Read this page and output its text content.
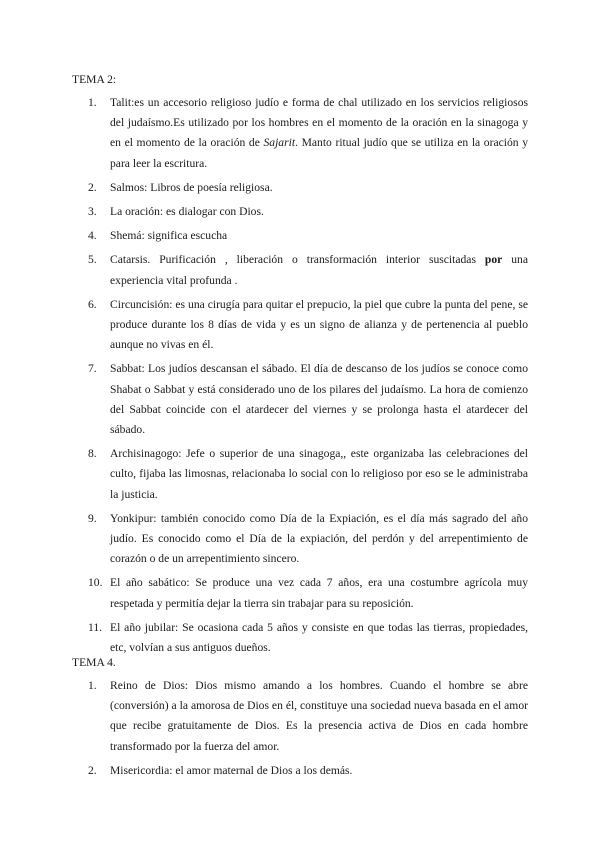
TEMA 2:
1. Talit:es un accesorio religioso judío e forma de chal utilizado en los servicios religiosos del judaísmo.Es utilizado por los hombres en el momento de la oración en la sinagoga y en el momento de la oración de Sajarit. Manto ritual judío que se utiliza en la oración y para leer la escritura.
2. Salmos: Libros de poesía religiosa.
3. La oración: es dialogar con Dios.
4. Shemá: significa escucha
5. Catarsis. Purificación , liberación o transformación interior suscitadas por una experiencia vital profunda .
6. Circuncisión: es una cirugía para quitar el prepucio, la piel que cubre la punta del pene, se produce durante los 8 días de vida y es un signo de alianza y de pertenencia al pueblo aunque no vivas en él.
7. Sabbat: Los judíos descansan el sábado. El día de descanso de los judíos se conoce como Shabat o Sabbat y está considerado uno de los pilares del judaísmo. La hora de comienzo del Sabbat coincide con el atardecer del viernes y se prolonga hasta el atardecer del sábado.
8. Archisinagogo: Jefe o superior de una sinagoga,, este organizaba las celebraciones del culto, fijaba las limosnas, relacionaba lo social con lo religioso por eso se le administraba la justicia.
9. Yonkipur: también conocido como Día de la Expiación, es el día más sagrado del año judío. Es conocido como el Día de la expiación, del perdón y del arrepentimiento de corazón o de un arrepentimiento sincero.
10. El año sabático: Se produce una vez cada 7 años, era una costumbre agrícola muy respetada y permitía dejar la tierra sin trabajar para su reposición.
11. El año jubilar: Se ocasiona cada 5 años y consiste en que todas las tierras, propiedades, etc, volvían a sus antiguos dueños.
TEMA 4.
1. Reino de Dios: Dios mismo amando a los hombres. Cuando el hombre se abre (conversión) a la amorosa de Dios en él, constituye una sociedad nueva basada en el amor que recibe gratuitamente de Dios. Es la presencia activa de Dios en cada hombre transformado por la fuerza del amor.
2. Misericordia: el amor maternal de Dios a los demás.
